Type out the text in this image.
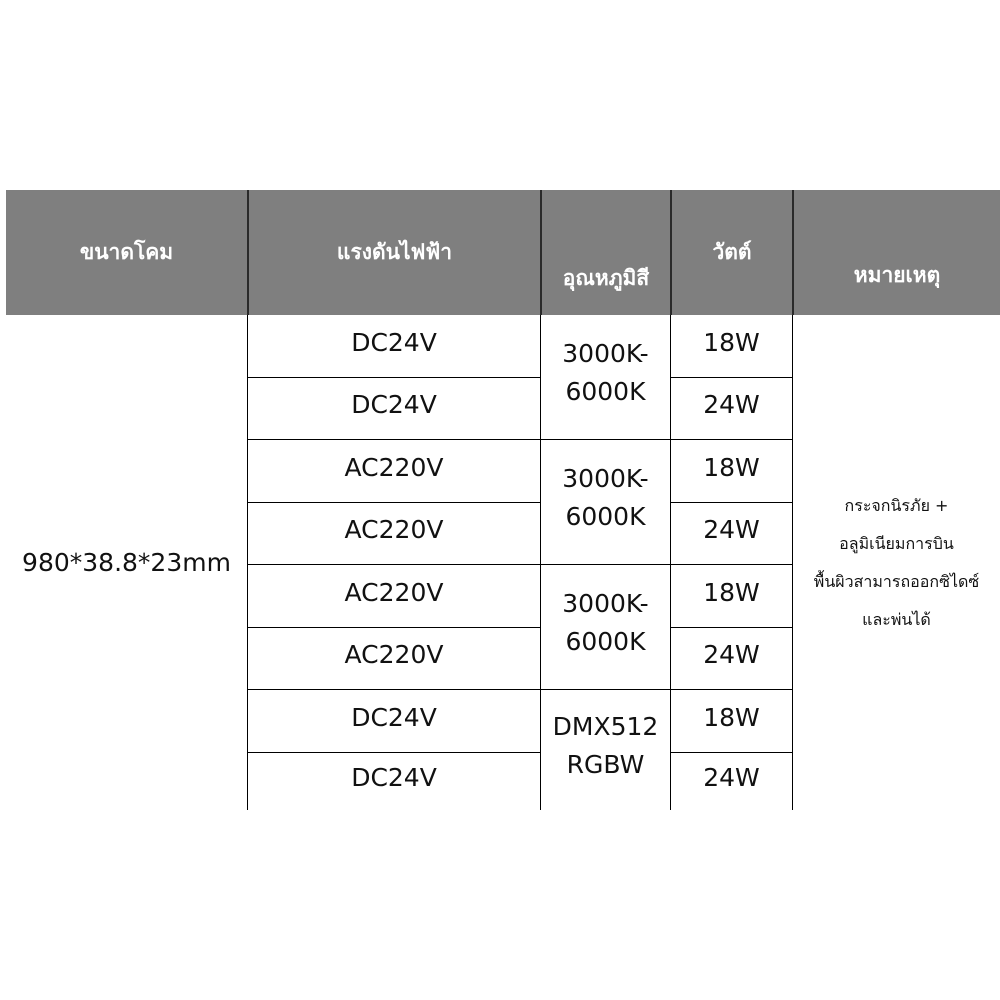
ขนาดโคม	แรงดันไฟฟ้า
อุณหภูมิสี
วัตต์
หมายเหตุ
980*38.8*23mm
DC24V
DC24V
AC220V
AC220V
AC220V
AC220V
DC24V
DC24V
3000K-
6000K
3000K-
6000K
3000K-
6000K
DMX512
RGBW
18W
24W
18W
24W
18W
24W
18W
24W
กระจกนิรภัย +
อลูมิเนียมการบิน
พื้นผิวสามารถออกซิไดซ์
และพ่นได้
